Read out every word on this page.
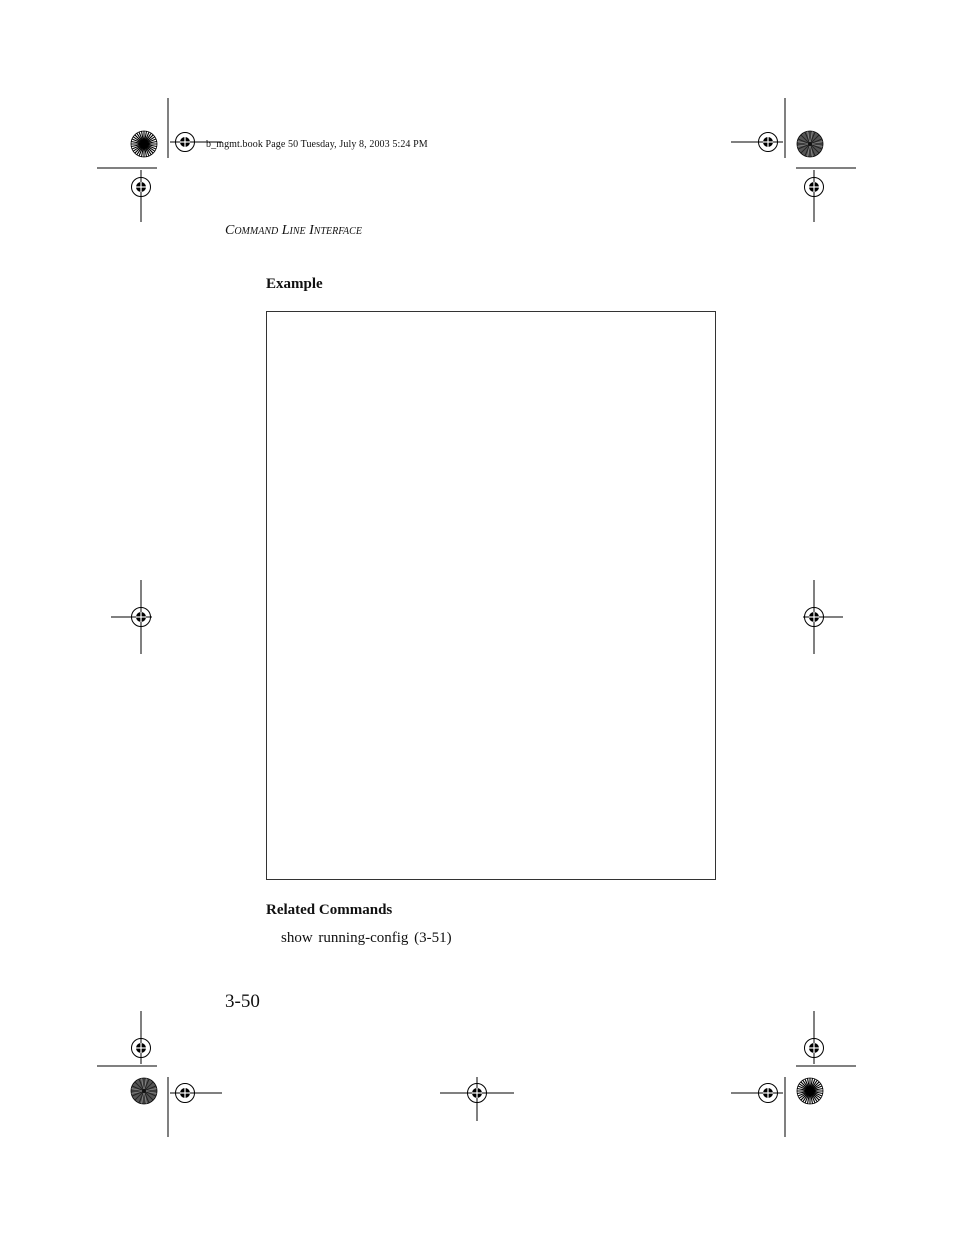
b_mgmt.book Page 50 Tuesday, July 8, 2003 5:24 PM
Command Line Interface
Example
Related Commands
show running-config (3-51)
3-50
